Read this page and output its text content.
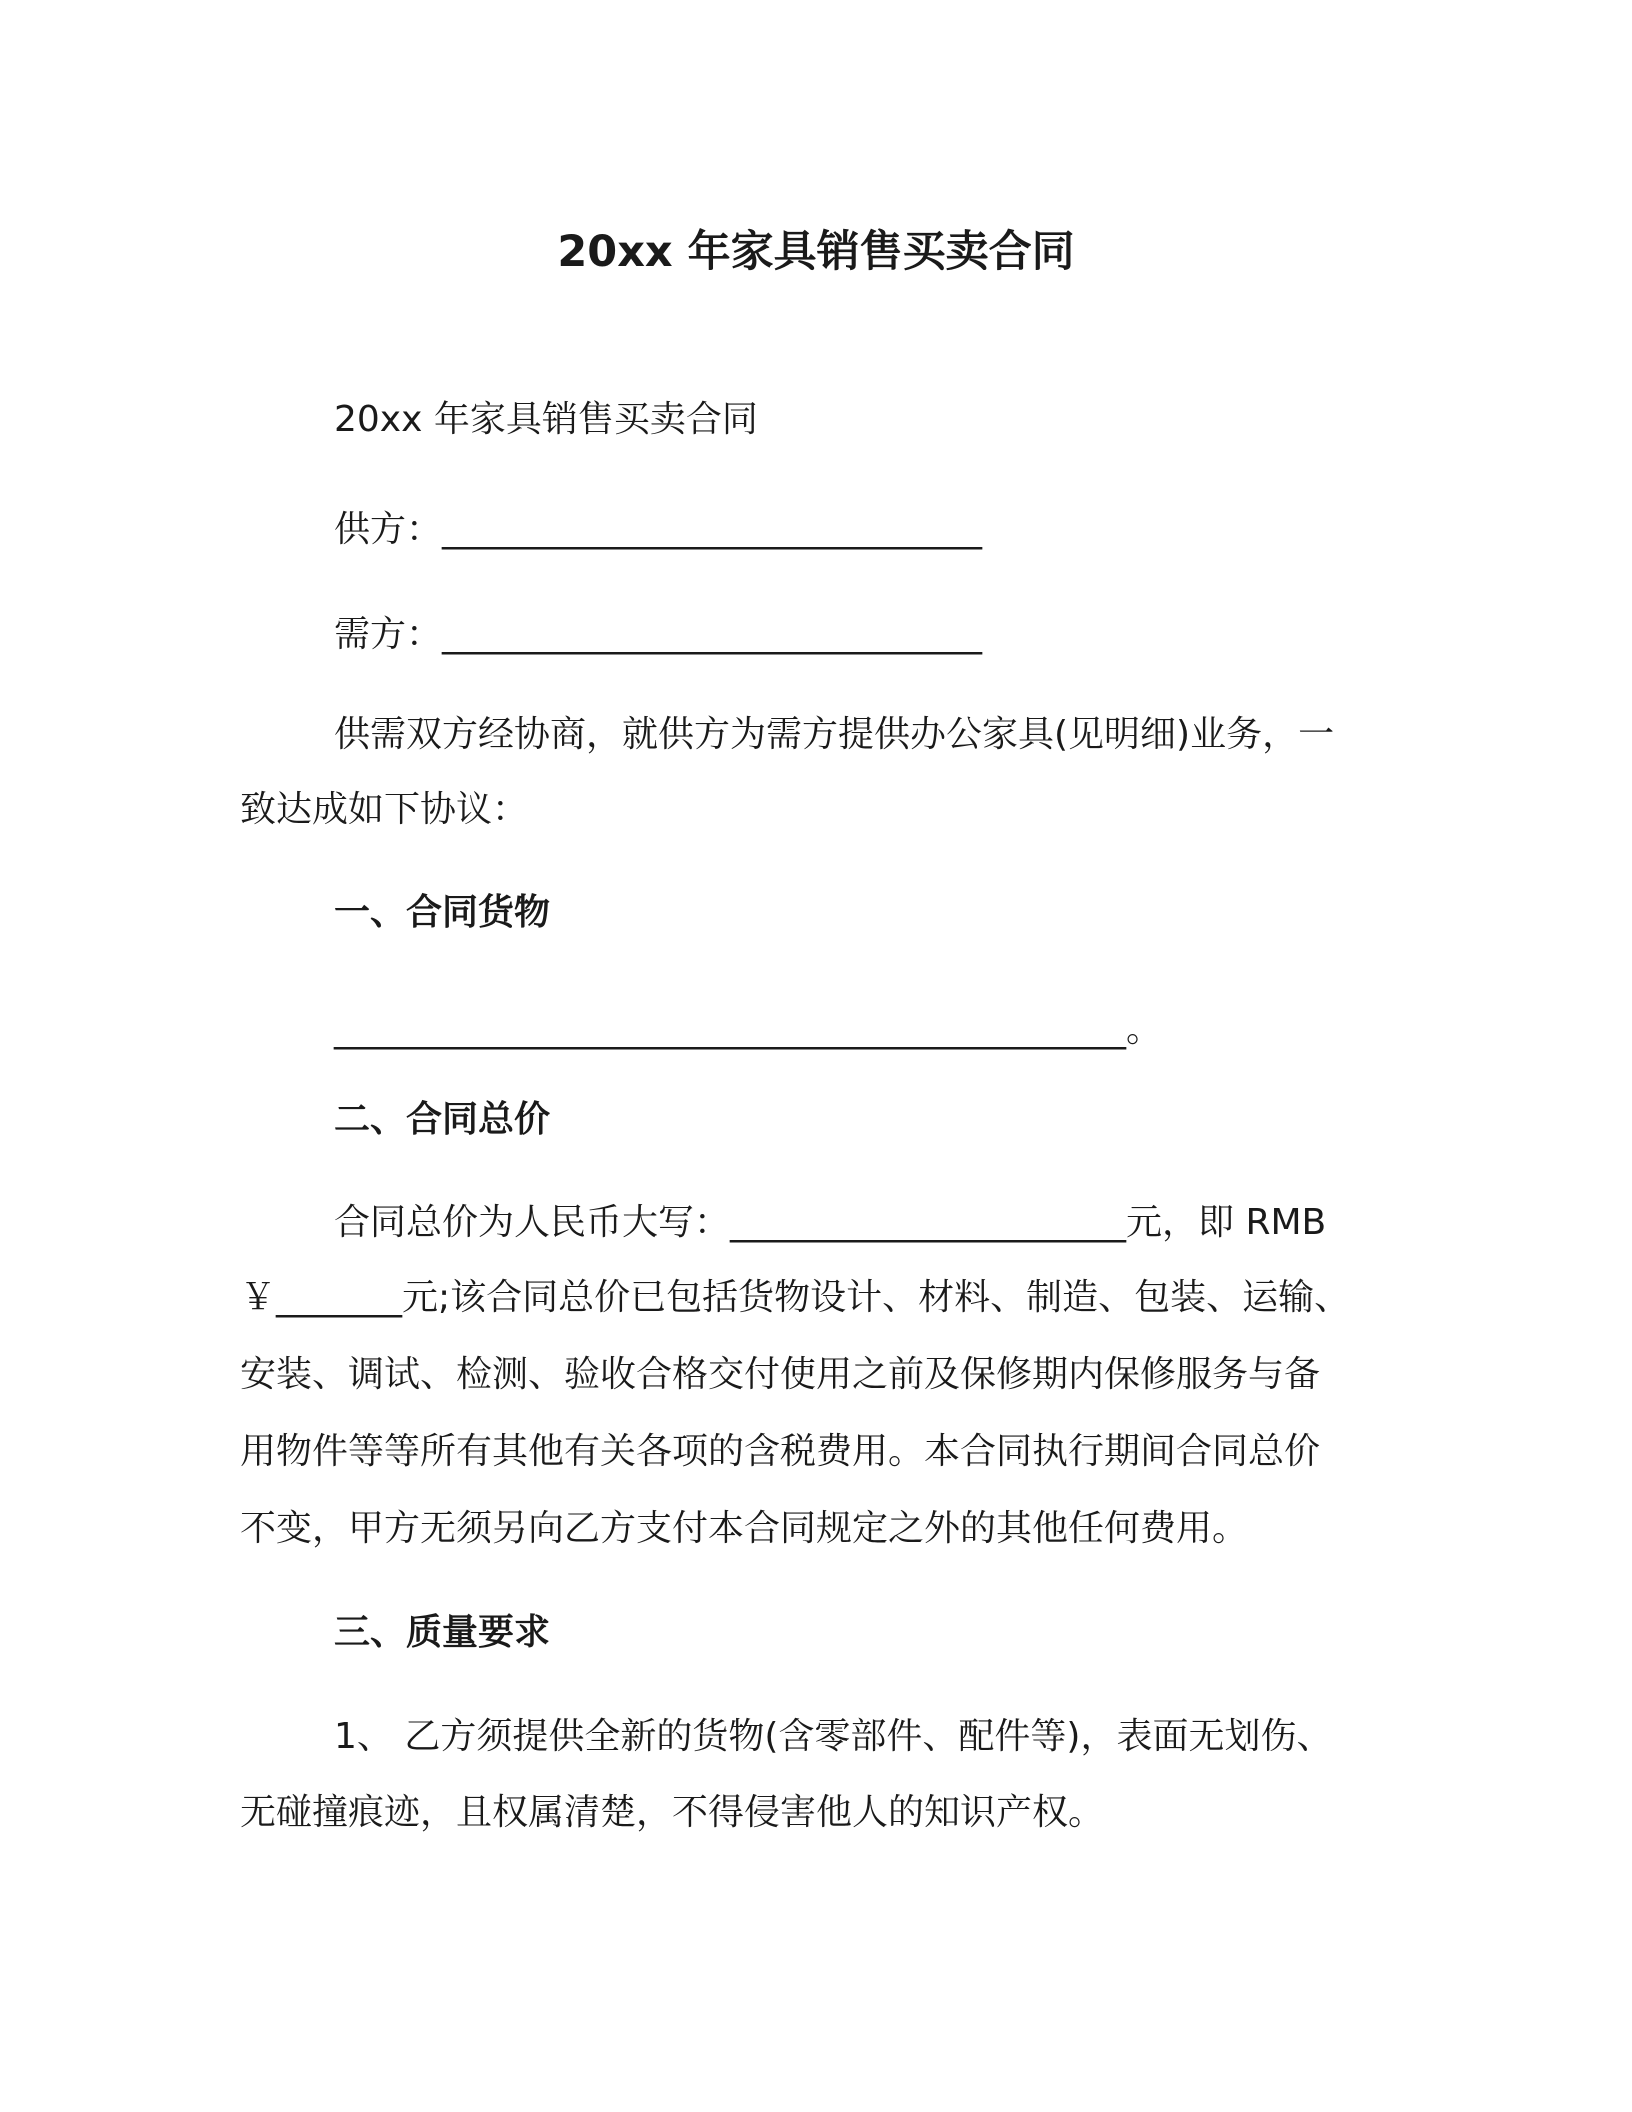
20xx 年家具销售买卖合同
20xx 年家具销售买卖合同
供方：______________________________
需方：______________________________
供需双方经协商，就供方为需方提供办公家具(见明细)业务，一
致达成如下协议：
一、合同货物
____________________________________________。
二、合同总价
合同总价为人民币大写：______________________元，即 RMB
￥_______元;该合同总价已包括货物设计、材料、制造、包装、运输、
安装、调试、检测、验收合格交付使用之前及保修期内保修服务与备
用物件等等所有其他有关各项的含税费用。本合同执行期间合同总价
不变，甲方无须另向乙方支付本合同规定之外的其他任何费用。
三、质量要求
1、 乙方须提供全新的货物(含零部件、配件等)，表面无划伤、
无碰撞痕迹，且权属清楚，不得侵害他人的知识产权。
